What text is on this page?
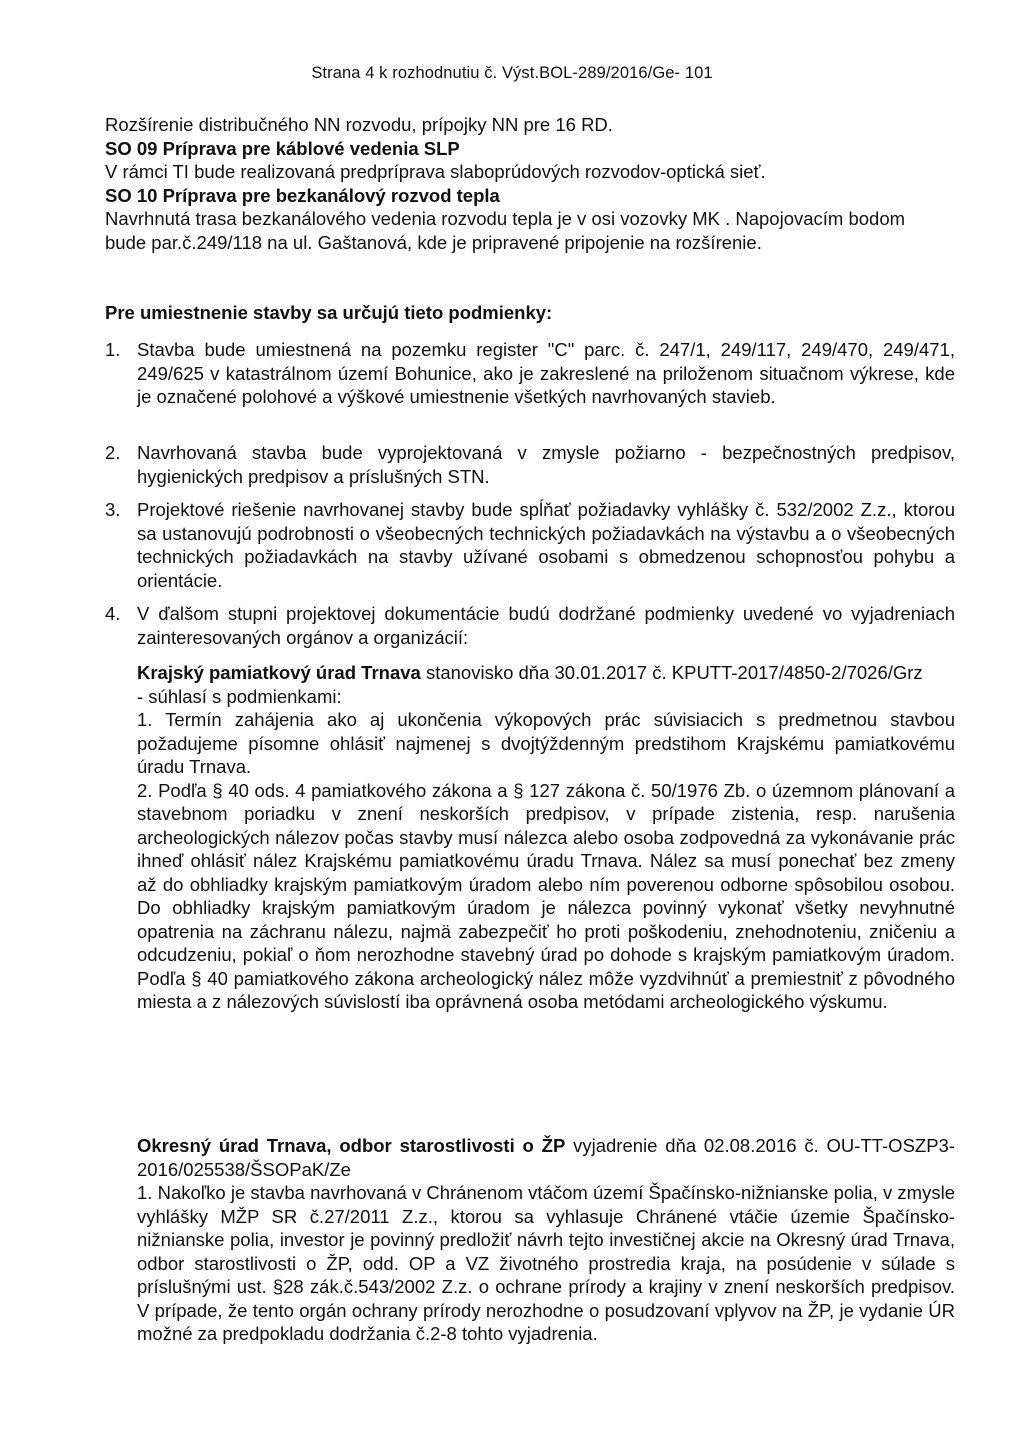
Strana 4 k rozhodnutiu č. Výst.BOL-289/2016/Ge- 101

Rozšírenie distribučného NN rozvodu, prípojky NN pre 16 RD.

SO 09 Príprava pre káblové vedenia SLP

V rámci TI bude realizovaná predpríprava slaboprúdových rozvodov-optická sieť.

SO 10 Príprava pre bezkanálový rozvod tepla

Navrhnutá trasa bezkanálového vedenia rozvodu tepla je v osi vozovky MK . Napojovacím bodom bude par.č.249/118 na ul. Gaštanová, kde je pripravené pripojenie na rozšírenie.

Pre umiestnenie stavby sa určujú tieto podmienky:
1. Stavba bude umiestnená na pozemku register "C" parc. č. 247/1, 249/117, 249/470, 249/471, 249/625 v katastrálnom území Bohunice, ako je zakreslené na priloženom situačnom výkrese, kde je označené polohové a výškové umiestnenie všetkých navrhovaných stavieb.
2. Navrhovaná stavba bude vyprojektovaná v zmysle požiarno - bezpečnostných predpisov, hygienických predpisov a príslušných STN.
3. Projektové riešenie navrhovanej stavby bude spĺňať požiadavky vyhlášky č. 532/2002 Z.z., ktorou sa ustanovujú podrobnosti o všeobecných technických požiadavkách na výstavbu a o všeobecných technických požiadavkách na stavby užívané osobami s obmedzenou schopnosťou pohybu a orientácie.
4. V ďalšom stupni projektovej dokumentácie budú dodržané podmienky uvedené vo vyjadreniach zainteresovaných orgánov a organizácií:

Krajský pamiatkový úrad Trnava stanovisko dňa 30.01.2017 č. KPUTT-2017/4850-2/7026/Grz

- súhlasí s podmienkami:

1. Termín zahájenia ako aj ukončenia výkopových prác súvisiacich s predmetnou stavbou požadujeme písomne ohlásiť najmenej s dvojtýždenným predstihom Krajskému pamiatkovému úradu Trnava.

2. Podľa § 40 ods. 4 pamiatkového zákona a § 127 zákona č. 50/1976 Zb. o územnom plánovaní a stavebnom poriadku v znení neskorších predpisov, v prípade zistenia, resp. narušenia archeologických nálezov počas stavby musí nálezca alebo osoba zodpovedná za vykonávanie prác ihneď ohlásiť nález Krajskému pamiatkovému úradu Trnava. Nález sa musí ponechať bez zmeny až do obhliadky krajským pamiatkovým úradom alebo ním poverenou odborne spôsobilou osobou. Do obhliadky krajským pamiatkovým úradom je nálezca povinný vykonať všetky nevyhnutné opatrenia na záchranu nálezu, najmä zabezpečiť ho proti poškodeniu, znehodnoteniu, zničeniu a odcudzeniu, pokiaľ o ňom nerozhodne stavebný úrad po dohode s krajským pamiatkovým úradom. Podľa § 40 pamiatkového zákona archeologický nález môže vyzdvihnúť a premiestniť z pôvodného miesta a z nálezových súvislostí iba oprávnená osoba metódami archeologického výskumu.

Okresný úrad Trnava, odbor starostlivosti o ŽP vyjadrenie dňa 02.08.2016 č. OU-TT-OSZP3-2016/025538/ŠSOPaK/Ze

1. Nakoľko je stavba navrhovaná v Chránenom vtáčom území Špačínsko-nižnianske polia, v zmysle vyhlášky MŽP SR č.27/2011 Z.z., ktorou sa vyhlasuje Chránené vtáčie územie Špačínsko-nižnianske polia, investor je povinný predložiť návrh tejto investičnej akcie na Okresný úrad Trnava, odbor starostlivosti o ŽP, odd. OP a VZ životného prostredia kraja, na posúdenie v súlade s príslušnými ust. §28 zák.č.543/2002 Z.z. o ochrane prírody a krajiny v znení neskorších predpisov. V prípade, že tento orgán ochrany prírody nerozhodne o posudzovaní vplyvov na ŽP, je vydanie ÚR možné za predpokladu dodržania č.2-8 tohto vyjadrenia.
